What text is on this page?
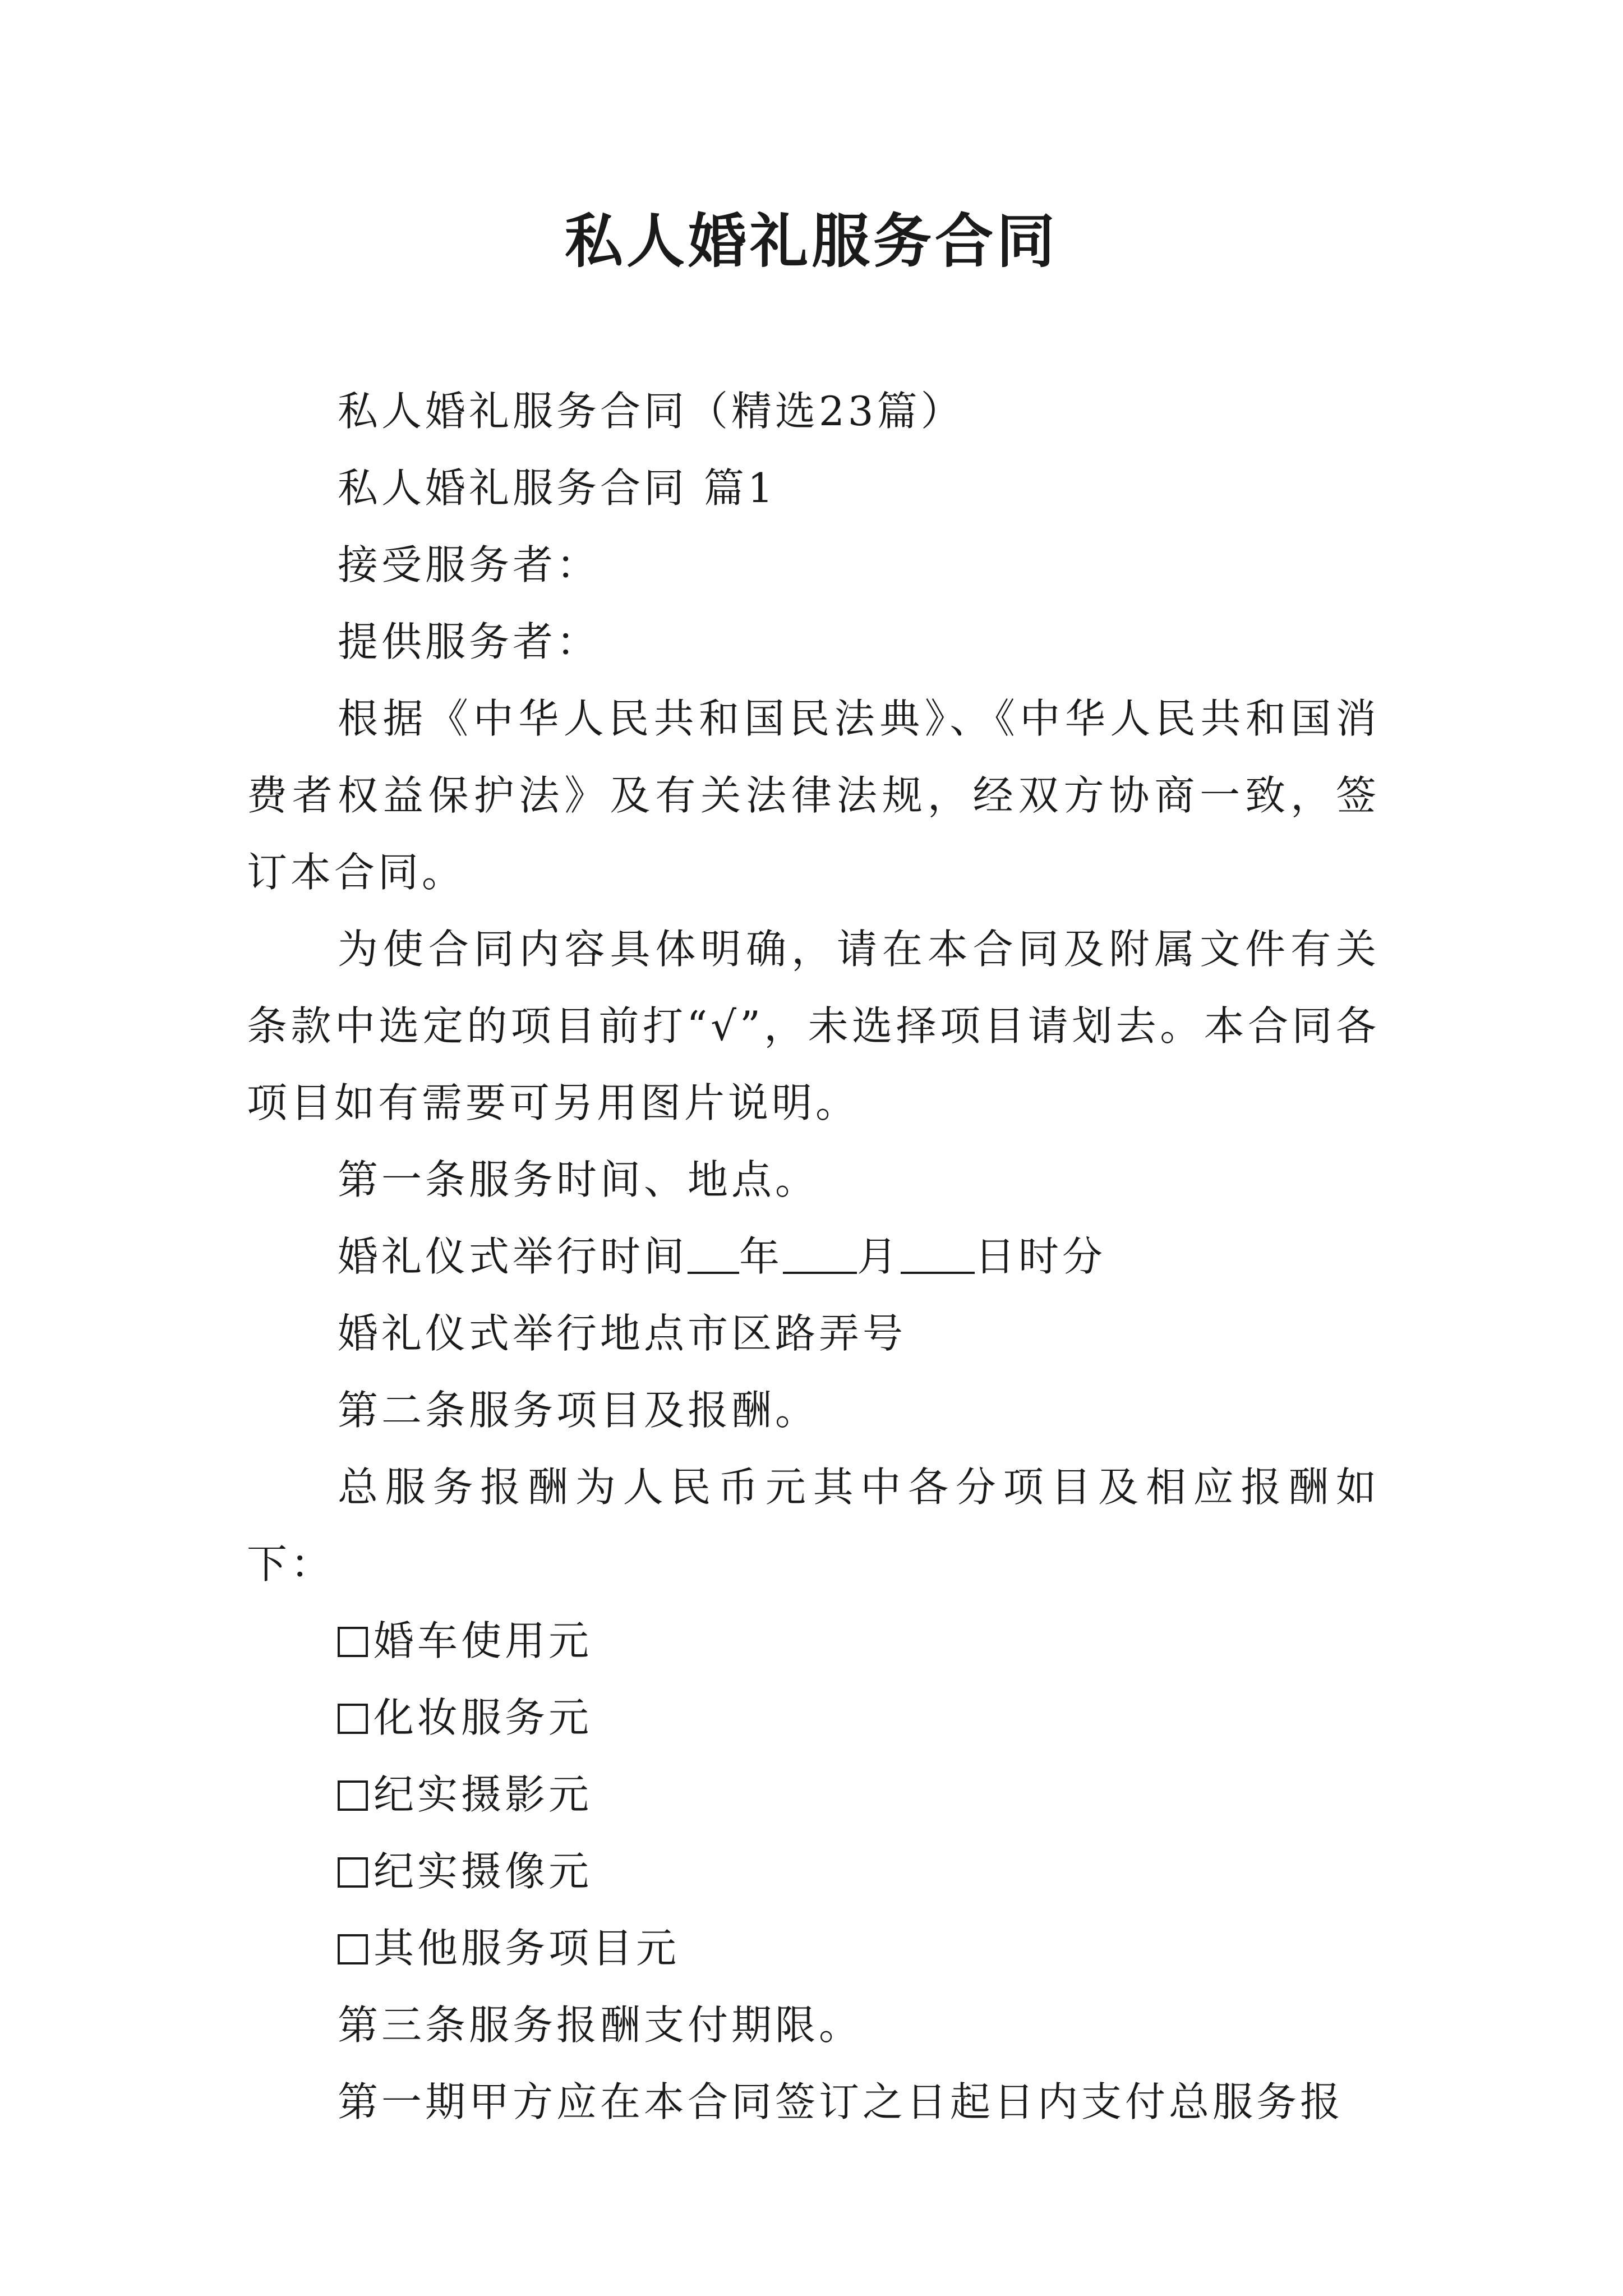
私人婚礼服务合同

私人婚礼服务合同（精选23篇）

私人婚礼服务合同 篇1

接受服务者：

提供服务者：

根据《中华人民共和国民法典》、《中华人民共和国消费者权益保护法》及有关法律法规，经双方协商一致，签订本合同。

为使合同内容具体明确，请在本合同及附属文件有关条款中选定的项目前打“√”，未选择项目请划去。本合同各项目如有需要可另用图片说明。

第一条服务时间、地点。

婚礼仪式举行时间 年 月 日时分

婚礼仪式举行地点市区路弄号

第二条服务项目及报酬。

总服务报酬为人民币元其中各分项目及相应报酬如下：

婚车使用元

化妆服务元

纪实摄影元

纪实摄像元

其他服务项目元

第三条服务报酬支付期限。

第一期甲方应在本合同签订之日起日内支付总服务报
